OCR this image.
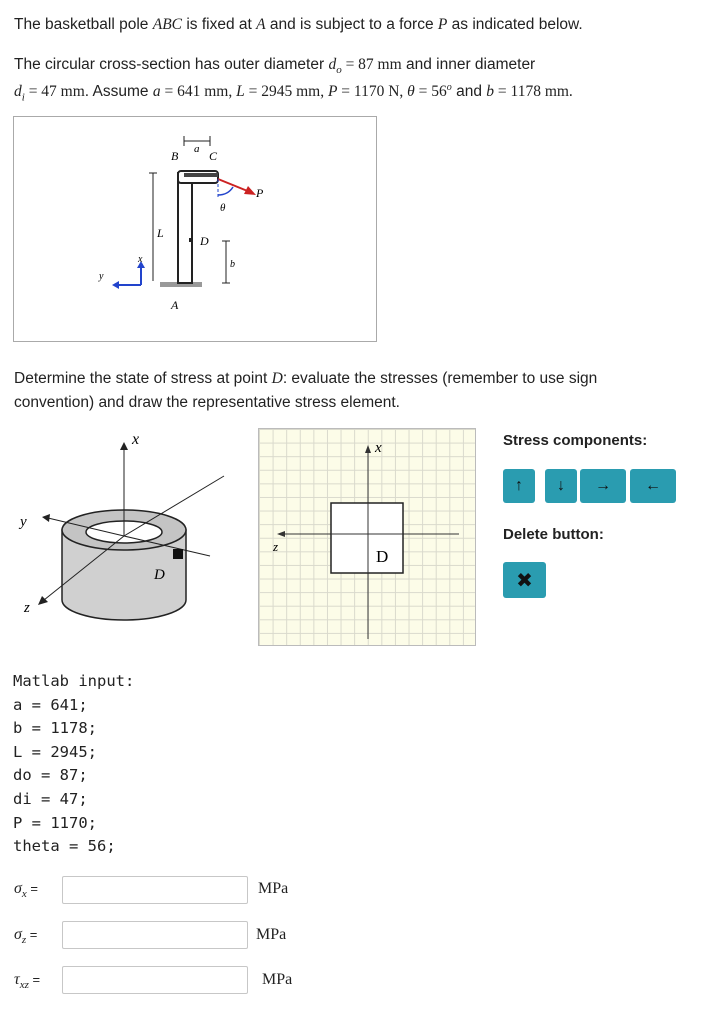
The basketball pole ABC is fixed at A and is subject to a force P as indicated below.
The circular cross-section has outer diameter $d_o = 87$ mm and inner diameter
$d_i = 47$ mm. Assume a = 641 mm, L = 2945 mm, P = 1170 N, $\theta = 56^o$ and b = 1178 mm.
B a C
P
θ
L
D
x
y
b
A
Determine the state of stress at point D: evaluate the stresses (remember to use sign
convention) and draw the representative stress element.
x
y
z
D
x
z
D
Stress components:
↑ ↓ → ←
Delete button:
✖
Matlab input:
a = 641;
b = 1178;
L = 2945;
do = 87;
di = 47;
P = 1170;
theta = 56;
$\sigma_x$ =	MPa
$\sigma_z$ =	MPa
$\tau_{xz}$ =	MPa
